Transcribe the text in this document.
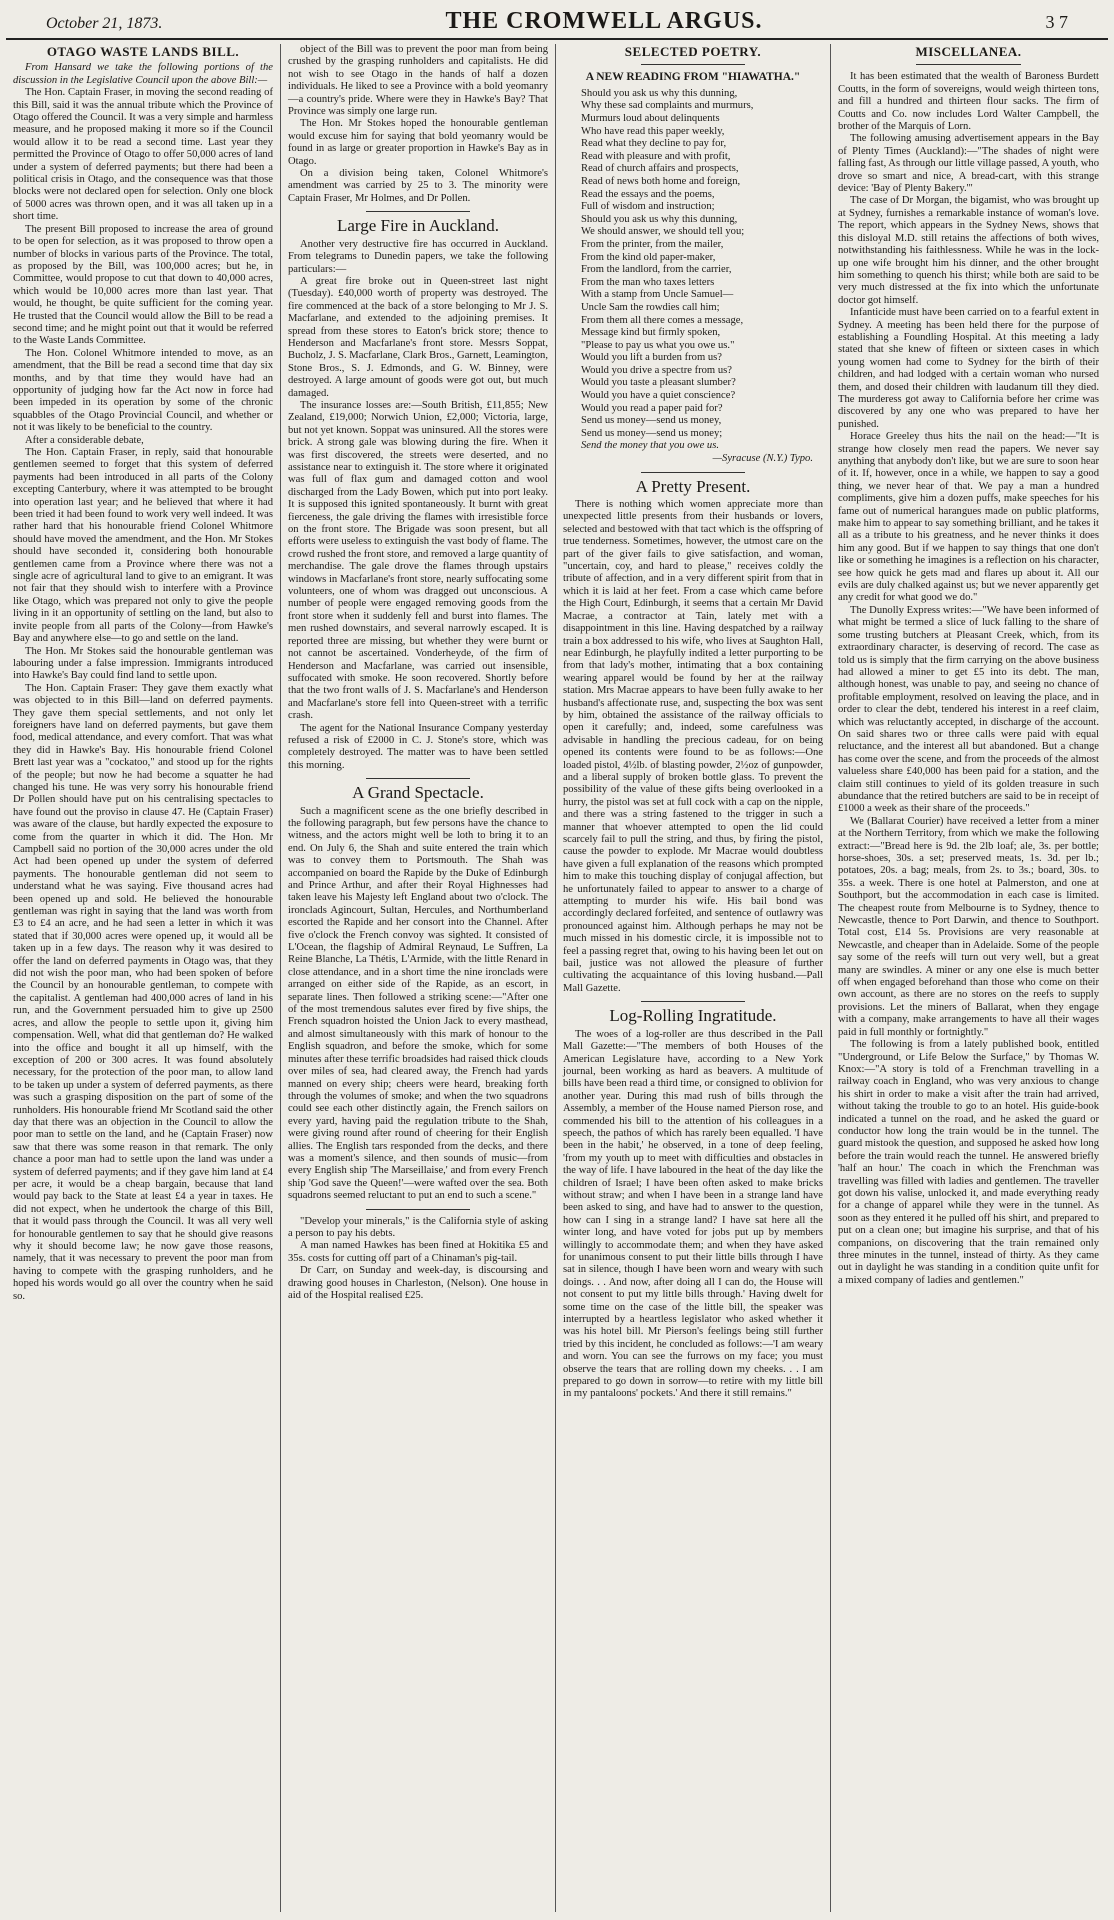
October 21, 1873.	THE CROMWELL ARGUS.	3 7
OTAGO WASTE LANDS BILL.

From Hansard we take the following portions of the discussion in the Legislative Council upon the above Bill:—

The Hon. Captain Fraser, in moving the second reading of this Bill, said it was the annual tribute which the Province of Otago offered the Council. It was a very simple and harmless measure, and he proposed making it more so if the Council would allow it to be read a second time. Last year they permitted the Province of Otago to offer 50,000 acres of land under a system of deferred payments; but there had been a political crisis in Otago, and the consequence was that those blocks were not declared open for selection. Only one block of 5000 acres was thrown open, and it was all taken up in a short time.

The present Bill proposed to increase the area of ground to be open for selection, as it was proposed to throw open a number of blocks in various parts of the Province. The total, as proposed by the Bill, was 100,000 acres; but he, in Committee, would propose to cut that down to 40,000 acres, which would be 10,000 acres more than last year. That would, he thought, be quite sufficient for the coming year. He trusted that the Council would allow the Bill to be read a second time; and he might point out that it would be referred to the Waste Lands Committee.

The Hon. Colonel Whitmore intended to move, as an amendment, that the Bill be read a second time that day six months, and by that time they would have had an opportunity of judging how far the Act now in force had been impeded in its operation by some of the chronic squabbles of the Otago Provincial Council, and whether or not it was likely to be beneficial to the country.

After a considerable debate,

The Hon. Captain Fraser, in reply, said that honourable gentlemen seemed to forget that this system of deferred payments had been introduced in all parts of the Colony excepting Canterbury, where it was attempted to be brought into operation last year; and he believed that where it had been tried it had been found to work very well indeed. It was rather hard that his honourable friend Colonel Whitmore should have moved the amendment, and the Hon. Mr Stokes should have seconded it, considering both honourable gentlemen came from a Province where there was not a single acre of agricultural land to give to an emigrant. It was not fair that they should wish to interfere with a Province like Otago, which was prepared not only to give the people living in it an opportunity of settling on the land, but also to invite people from all parts of the Colony—from Hawke's Bay and anywhere else—to go and settle on the land.

The Hon. Mr Stokes said the honourable gentleman was labouring under a false impression. Immigrants introduced into Hawke's Bay could find land to settle upon.

The Hon. Captain Fraser: They gave them exactly what was objected to in this Bill—land on deferred payments. They gave them special settlements, and not only let foreigners have land on deferred payments, but gave them food, medical attendance, and every comfort. That was what they did in Hawke's Bay. His honourable friend Colonel Brett last year was a "cockatoo," and stood up for the rights of the people; but now he had become a squatter he had changed his tune. He was very sorry his honourable friend Dr Pollen should have put on his centralising spectacles to have found out the proviso in clause 47. He (Captain Fraser) was aware of the clause, but hardly expected the exposure to come from the quarter in which it did. The Hon. Mr Campbell said no portion of the 30,000 acres under the old Act had been opened up under the system of deferred payments. The honourable gentleman did not seem to understand what he was saying. Five thousand acres had been opened up and sold. He believed the honourable gentleman was right in saying that the land was worth from £3 to £4 an acre, and he had seen a letter in which it was stated that if 30,000 acres were opened up, it would all be taken up in a few days. The reason why it was desired to offer the land on deferred payments in Otago was, that they did not wish the poor man, who had been spoken of before the Council by an honourable gentleman, to compete with the capitalist. A gentleman had 400,000 acres of land in his run, and the Government persuaded him to give up 2500 acres, and allow the people to settle upon it, giving him compensation. Well, what did that gentleman do? He walked into the office and bought it all up himself, with the exception of 200 or 300 acres. It was found absolutely necessary, for the protection of the poor man, to allow land to be taken up under a system of deferred payments, as there was such a grasping disposition on the part of some of the runholders. His honourable friend Mr Scotland said the other day that there was an objection in the Council to allow the poor man to settle on the land, and he (Captain Fraser) now saw that there was some reason in that remark. The only chance a poor man had to settle upon the land was under a system of deferred payments; and if they gave him land at £4 per acre, it would be a cheap bargain, because that land would pay back to the State at least £4 a year in taxes. He did not expect, when he undertook the charge of this Bill, that it would pass through the Council. It was all very well for honourable gentlemen to say that he should give reasons why it should become law; he now gave those reasons, namely, that it was necessary to prevent the poor man from having to compete with the grasping runholders, and he hoped his words would go all over the country when he said so.

object of the Bill was to prevent the poor man from being crushed by the grasping runholders and capitalists. He did not wish to see Otago in the hands of half a dozen individuals. He liked to see a Province with a bold yeomanry—a country's pride. Where were they in Hawke's Bay? That Province was simply one large run.

The Hon. Mr Stokes hoped the honourable gentleman would excuse him for saying that bold yeomanry would be found in as large or greater proportion in Hawke's Bay as in Otago.

On a division being taken, Colonel Whitmore's amendment was carried by 25 to 3. The minority were Captain Fraser, Mr Holmes, and Dr Pollen.

Large Fire in Auckland.

Another very destructive fire has occurred in Auckland. From telegrams to Dunedin papers, we take the following particulars:—

A great fire broke out in Queen-street last night (Tuesday). £40,000 worth of property was destroyed. The fire commenced at the back of a store belonging to Mr J. S. Macfarlane, and extended to the adjoining premises. It spread from these stores to Eaton's brick store; thence to Henderson and Macfarlane's front store. Messrs Soppat, Bucholz, J. S. Macfarlane, Clark Bros., Garnett, Leamington, Stone Bros., S. J. Edmonds, and G. W. Binney, were destroyed. A large amount of goods were got out, but much damaged.

The insurance losses are:—South British, £11,855; New Zealand, £19,000; Norwich Union, £2,000; Victoria, large, but not yet known. Soppat was uninsured. All the stores were brick. A strong gale was blowing during the fire. When it was first discovered, the streets were deserted, and no assistance near to extinguish it. The store where it originated was full of flax gum and damaged cotton and wool discharged from the Lady Bowen, which put into port leaky. It is supposed this ignited spontaneously. It burnt with great fierceness, the gale driving the flames with irresistible force on the front store. The Brigade was soon present, but all efforts were useless to extinguish the vast body of flame. The crowd rushed the front store, and removed a large quantity of merchandise. The gale drove the flames through upstairs windows in Macfarlane's front store, nearly suffocating some volunteers, one of whom was dragged out unconscious. A number of people were engaged removing goods from the front store when it suddenly fell and burst into flames. The men rushed downstairs, and several narrowly escaped. It is reported three are missing, but whether they were burnt or not cannot be ascertained. Vonderheyde, of the firm of Henderson and Macfarlane, was carried out insensible, suffocated with smoke. He soon recovered. Shortly before that the two front walls of J. S. Macfarlane's and Henderson and Macfarlane's store fell into Queen-street with a terrific crash.

The agent for the National Insurance Company yesterday refused a risk of £2000 in C. J. Stone's store, which was completely destroyed. The matter was to have been settled this morning.

A Grand Spectacle.

Such a magnificent scene as the one briefly described in the following paragraph, but few persons have the chance to witness, and the actors might well be loth to bring it to an end. On July 6, the Shah and suite entered the train which was to convey them to Portsmouth. The Shah was accompanied on board the Rapide by the Duke of Edinburgh and Prince Arthur, and after their Royal Highnesses had taken leave his Majesty left England about two o'clock. The ironclads Agincourt, Sultan, Hercules, and Northumberland escorted the Rapide and her consort into the Channel. After five o'clock the French convoy was sighted. It consisted of L'Ocean, the flagship of Admiral Reynaud, Le Suffren, La Reine Blanche, La Thétis, L'Armide, with the little Renard in close attendance, and in a short time the nine ironclads were arranged on either side of the Rapide, as an escort, in separate lines. Then followed a striking scene:—"After one of the most tremendous salutes ever fired by five ships, the French squadron hoisted the Union Jack to every masthead, and almost simultaneously with this mark of honour to the English squadron, and before the smoke, which for some minutes after these terrific broadsides had raised thick clouds over miles of sea, had cleared away, the French had yards manned on every ship; cheers were heard, breaking forth through the volumes of smoke; and when the two squadrons could see each other distinctly again, the French sailors on every yard, having paid the regulation tribute to the Shah, were giving round after round of cheering for their English allies. The English tars responded from the decks, and there was a moment's silence, and then sounds of music—from every English ship 'The Marseillaise,' and from every French ship 'God save the Queen!'—were wafted over the sea. Both squadrons seemed reluctant to put an end to such a scene."

"Develop your minerals," is the California style of asking a person to pay his debts.

A man named Hawkes has been fined at Hokitika £5 and 35s. costs for cutting off part of a Chinaman's pig-tail.

Dr Carr, on Sunday and week-day, is discoursing and drawing good houses in Charleston, (Nelson). One house in aid of the Hospital realised £25.

SELECTED POETRY.
A NEW READING FROM "HIAWATHA."

Should you ask us why this dunning,

Why these sad complaints and murmurs,

Murmurs loud about delinquents

Who have read this paper weekly,

Read what they decline to pay for,

Read with pleasure and with profit,

Read of church affairs and prospects,

Read of news both home and foreign,

Read the essays and the poems,

Full of wisdom and instruction;

Should you ask us why this dunning,

We should answer, we should tell you;

From the printer, from the mailer,

From the kind old paper-maker,

From the landlord, from the carrier,

From the man who taxes letters

With a stamp from Uncle Samuel—

Uncle Sam the rowdies call him;

From them all there comes a message,

Message kind but firmly spoken,

"Please to pay us what you owe us."

Would you lift a burden from us?

Would you drive a spectre from us?

Would you taste a pleasant slumber?

Would you have a quiet conscience?

Would you read a paper paid for?

Send us money—send us money,

Send us money—send us money;

Send the money that you owe us.

—Syracuse (N.Y.) Typo.

A Pretty Present.

There is nothing which women appreciate more than unexpected little presents from their husbands or lovers, selected and bestowed with that tact which is the offspring of true tenderness. Sometimes, however, the utmost care on the part of the giver fails to give satisfaction, and woman, "uncertain, coy, and hard to please," receives coldly the tribute of affection, and in a very different spirit from that in which it is laid at her feet. From a case which came before the High Court, Edinburgh, it seems that a certain Mr David Macrae, a contractor at Tain, lately met with a disappointment in this line. Having despatched by a railway train a box addressed to his wife, who lives at Saughton Hall, near Edinburgh, he playfully indited a letter purporting to be from that lady's mother, intimating that a box containing wearing apparel would be found by her at the railway station. Mrs Macrae appears to have been fully awake to her husband's affectionate ruse, and, suspecting the box was sent by him, obtained the assistance of the railway officials to open it carefully; and, indeed, some carefulness was advisable in handling the precious cadeau, for on being opened its contents were found to be as follows:—One loaded pistol, 4½lb. of blasting powder, 2½oz of gunpowder, and a liberal supply of broken bottle glass. To prevent the possibility of the value of these gifts being overlooked in a hurry, the pistol was set at full cock with a cap on the nipple, and there was a string fastened to the trigger in such a manner that whoever attempted to open the lid could scarcely fail to pull the string, and thus, by firing the pistol, cause the powder to explode. Mr Macrae would doubtless have given a full explanation of the reasons which prompted him to make this touching display of conjugal affection, but he unfortunately failed to appear to answer to a charge of attempting to murder his wife. His bail bond was accordingly declared forfeited, and sentence of outlawry was pronounced against him. Although perhaps he may not be much missed in his domestic circle, it is impossible not to feel a passing regret that, owing to his having been let out on bail, justice was not allowed the pleasure of further cultivating the acquaintance of this loving husband.—Pall Mall Gazette.

Log-Rolling Ingratitude.

The woes of a log-roller are thus described in the Pall Mall Gazette:—"The members of both Houses of the American Legislature have, according to a New York journal, been working as hard as beavers. A multitude of bills have been read a third time, or consigned to oblivion for another year. During this mad rush of bills through the Assembly, a member of the House named Pierson rose, and commended his bill to the attention of his colleagues in a speech, the pathos of which has rarely been equalled. 'I have been in the habit,' he observed, in a tone of deep feeling, 'from my youth up to meet with difficulties and obstacles in the way of life. I have laboured in the heat of the day like the children of Israel; I have been often asked to make bricks without straw; and when I have been in a strange land have been asked to sing, and have had to answer to the question, how can I sing in a strange land? I have sat here all the winter long, and have voted for jobs put up by members willingly to accommodate them; and when they have asked for unanimous consent to put their little bills through I have sat in silence, though I have been worn and weary with such doings. . . And now, after doing all I can do, the House will not consent to put my little bills through.' Having dwelt for some time on the case of the little bill, the speaker was interrupted by a heartless legislator who asked whether it was his hotel bill. Mr Pierson's feelings being still further tried by this incident, he concluded as follows:—'I am weary and worn. You can see the furrows on my face; you must observe the tears that are rolling down my cheeks. . . I am prepared to go down in sorrow—to retire with my little bill in my pantaloons' pockets.' And there it still remains."

MISCELLANEA.

It has been estimated that the wealth of Baroness Burdett Coutts, in the form of sovereigns, would weigh thirteen tons, and fill a hundred and thirteen flour sacks. The firm of Coutts and Co. now includes Lord Walter Campbell, the brother of the Marquis of Lorn.

The following amusing advertisement appears in the Bay of Plenty Times (Auckland):—"The shades of night were falling fast, As through our little village passed, A youth, who drove so smart and nice, A bread-cart, with this strange device: 'Bay of Plenty Bakery.'"

The case of Dr Morgan, the bigamist, who was brought up at Sydney, furnishes a remarkable instance of woman's love. The report, which appears in the Sydney News, shows that this disloyal M.D. still retains the affections of both wives, notwithstanding his faithlessness. While he was in the lock-up one wife brought him his dinner, and the other brought him something to quench his thirst; while both are said to be very much distressed at the fix into which the unfortunate doctor got himself.

Infanticide must have been carried on to a fearful extent in Sydney. A meeting has been held there for the purpose of establishing a Foundling Hospital. At this meeting a lady stated that she knew of fifteen or sixteen cases in which young women had come to Sydney for the birth of their children, and had lodged with a certain woman who nursed them, and dosed their children with laudanum till they died. The murderess got away to California before her crime was discovered by any one who was prepared to have her punished.

Horace Greeley thus hits the nail on the head:—"It is strange how closely men read the papers. We never say anything that anybody don't like, but we are sure to soon hear of it. If, however, once in a while, we happen to say a good thing, we never hear of that. We pay a man a hundred compliments, give him a dozen puffs, make speeches for his fame out of numerical harangues made on public platforms, make him to appear to say something brilliant, and he takes it all as a tribute to his greatness, and he never thinks it does him any good. But if we happen to say things that one don't like or something he imagines is a reflection on his character, see how quick he gets mad and flares up about it. All our evils are duly chalked against us; but we never apparently get any credit for what good we do."

The Dunolly Express writes:—"We have been informed of what might be termed a slice of luck falling to the share of some trusting butchers at Pleasant Creek, which, from its extraordinary character, is deserving of record. The case as told us is simply that the firm carrying on the above business had allowed a miner to get £5 into its debt. The man, although honest, was unable to pay, and seeing no chance of profitable employment, resolved on leaving the place, and in order to clear the debt, tendered his interest in a reef claim, which was reluctantly accepted, in discharge of the account. On said shares two or three calls were paid with equal reluctance, and the interest all but abandoned. But a change has come over the scene, and from the proceeds of the almost valueless share £40,000 has been paid for a station, and the claim still continues to yield of its golden treasure in such abundance that the retired butchers are said to be in receipt of £1000 a week as their share of the proceeds."

We (Ballarat Courier) have received a letter from a miner at the Northern Territory, from which we make the following extract:—"Bread here is 9d. the 2lb loaf; ale, 3s. per bottle; horse-shoes, 30s. a set; preserved meats, 1s. 3d. per lb.; potatoes, 20s. a bag; meals, from 2s. to 3s.; board, 30s. to 35s. a week. There is one hotel at Palmerston, and one at Southport, but the accommodation in each case is limited. The cheapest route from Melbourne is to Sydney, thence to Newcastle, thence to Port Darwin, and thence to Southport. Total cost, £14 5s. Provisions are very reasonable at Newcastle, and cheaper than in Adelaide. Some of the people say some of the reefs will turn out very well, but a great many are swindles. A miner or any one else is much better off when engaged beforehand than those who come on their own account, as there are no stores on the reefs to supply provisions. Let the miners of Ballarat, when they engage with a company, make arrangements to have all their wages paid in full monthly or fortnightly."

The following is from a lately published book, entitled "Underground, or Life Below the Surface," by Thomas W. Knox:—"A story is told of a Frenchman travelling in a railway coach in England, who was very anxious to change his shirt in order to make a visit after the train had arrived, without taking the trouble to go to an hotel. His guide-book indicated a tunnel on the road, and he asked the guard or conductor how long the train would be in the tunnel. The guard mistook the question, and supposed he asked how long before the train would reach the tunnel. He answered briefly 'half an hour.' The coach in which the Frenchman was travelling was filled with ladies and gentlemen. The traveller got down his valise, unlocked it, and made everything ready for a change of apparel while they were in the tunnel. As soon as they entered it he pulled off his shirt, and prepared to put on a clean one; but imagine his surprise, and that of his companions, on discovering that the train remained only three minutes in the tunnel, instead of thirty. As they came out in daylight he was standing in a condition quite unfit for a mixed company of ladies and gentlemen."
